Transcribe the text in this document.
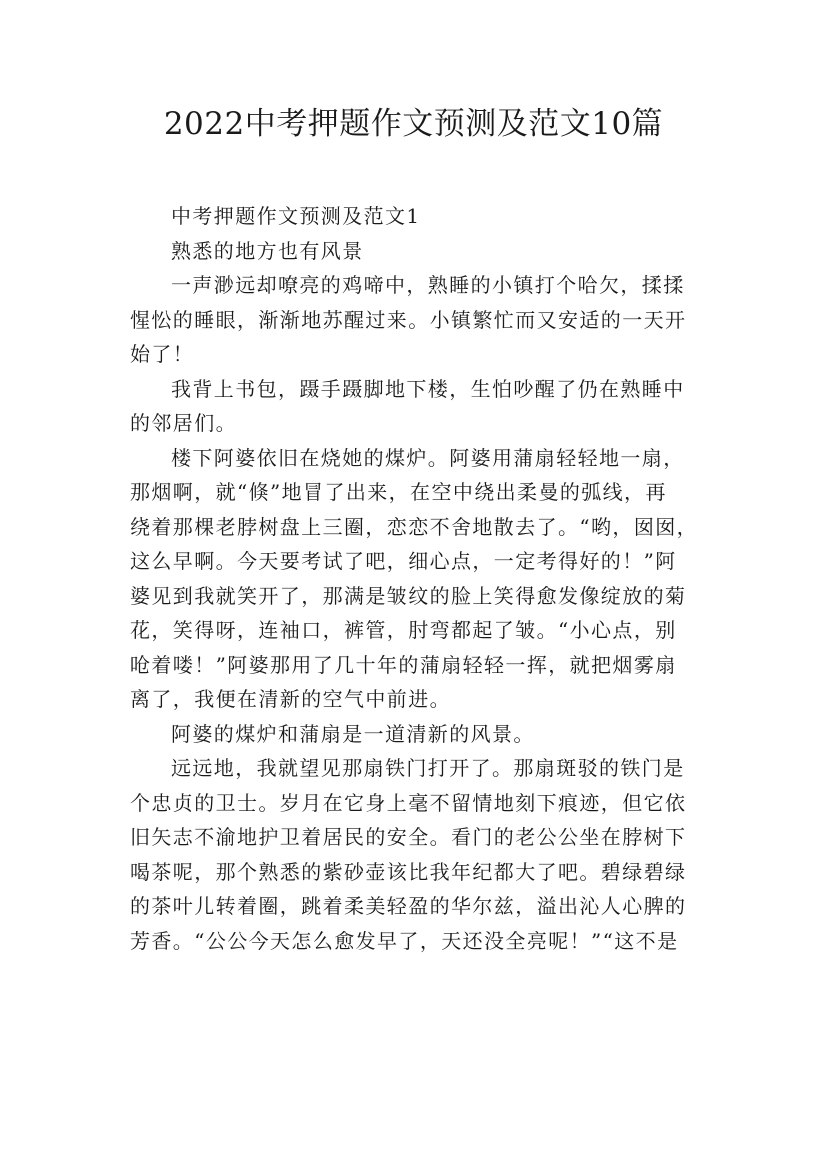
2022中考押题作文预测及范文10篇
中考押题作文预测及范文1
熟悉的地方也有风景
一声渺远却嘹亮的鸡啼中，熟睡的小镇打个哈欠，揉揉
惺忪的睡眼，渐渐地苏醒过来。小镇繁忙而又安适的一天开
始了！
我背上书包，蹑手蹑脚地下楼，生怕吵醒了仍在熟睡中
的邻居们。
楼下阿婆依旧在烧她的煤炉。阿婆用蒲扇轻轻地一扇，
那烟啊，就“倏”地冒了出来，在空中绕出柔曼的弧线，再
绕着那棵老脖树盘上三圈，恋恋不舍地散去了。“哟，囡囡，
这么早啊。今天要考试了吧，细心点，一定考得好的！”阿
婆见到我就笑开了，那满是皱纹的脸上笑得愈发像绽放的菊
花，笑得呀，连袖口，裤管，肘弯都起了皱。“小心点，别
呛着喽！”阿婆那用了几十年的蒲扇轻轻一挥，就把烟雾扇
离了，我便在清新的空气中前进。
阿婆的煤炉和蒲扇是一道清新的风景。
远远地，我就望见那扇铁门打开了。那扇斑驳的铁门是
个忠贞的卫士。岁月在它身上毫不留情地刻下痕迹，但它依
旧矢志不渝地护卫着居民的安全。看门的老公公坐在脖树下
喝茶呢，那个熟悉的紫砂壶该比我年纪都大了吧。碧绿碧绿
的茶叶儿转着圈，跳着柔美轻盈的华尔兹，溢出沁人心脾的
芳香。“公公今天怎么愈发早了，天还没全亮呢！”“这不是
